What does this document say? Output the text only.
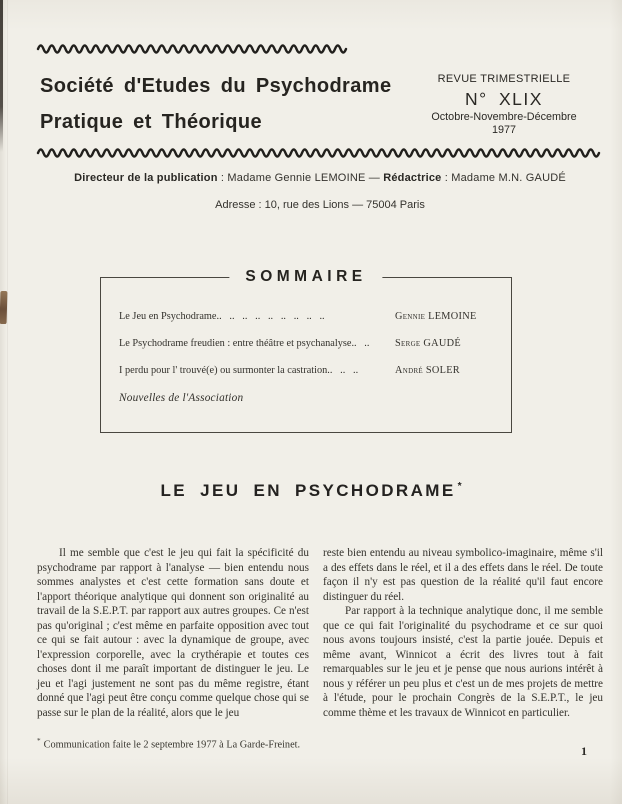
Société d'Etudes du Psychodrame
Pratique et Théorique
REVUE TRIMESTRIELLE
N° XLIX
Octobre-Novembre-Décembre 1977
Directeur de la publication : Madame Gennie LEMOINE — Rédactrice : Madame M.N. GAUDÉ
Adresse : 10, rue des Lions — 75004 Paris
SOMMAIRE
Le Jeu en Psychodrame..   ..   ..   ..   ..   ..   ..   ..   ..	Gennie LEMOINE
Le Psychodrame freudien : entre théâtre et psychanalyse..   ..	Serge GAUDÉ
I perdu pour l' trouvé(e) ou surmonter la castration..   ..   ..	André SOLER
Nouvelles de l'Association
LE JEU EN PSYCHODRAME *

Il me semble que c'est le jeu qui fait la spécificité du psychodrame par rapport à l'analyse — bien entendu nous sommes analystes et c'est cette formation sans doute et l'apport théorique analytique qui donnent son originalité au travail de la S.E.P.T. par rapport aux autres groupes. Ce n'est pas qu'original ; c'est même en parfaite opposition avec tout ce qui se fait autour : avec la dynamique de groupe, avec l'expression corporelle, avec la crythérapie et toutes ces choses dont il me paraît important de distinguer le jeu. Le jeu et l'agi justement ne sont pas du même registre, étant donné que l'agi peut être conçu comme quelque chose qui se passe sur le plan de la réalité, alors que le jeu

reste bien entendu au niveau symbolico-imaginaire, même s'il a des effets dans le réel, et il a des effets dans le réel. De toute façon il n'y est pas question de la réalité qu'il faut encore distinguer du réel.

Par rapport à la technique analytique donc, il me semble que ce qui fait l'originalité du psychodrame et ce sur quoi nous avons toujours insisté, c'est la partie jouée. Depuis et même avant, Winnicot a écrit des livres tout à fait remarquables sur le jeu et je pense que nous aurions intérêt à nous y référer un peu plus et c'est un de mes projets de mettre à l'étude, pour le prochain Congrès de la S.E.P.T., le jeu comme thème et les travaux de Winnicot en particulier.

* Communication faite le 2 septembre 1977 à La Garde-Freinet.	1
